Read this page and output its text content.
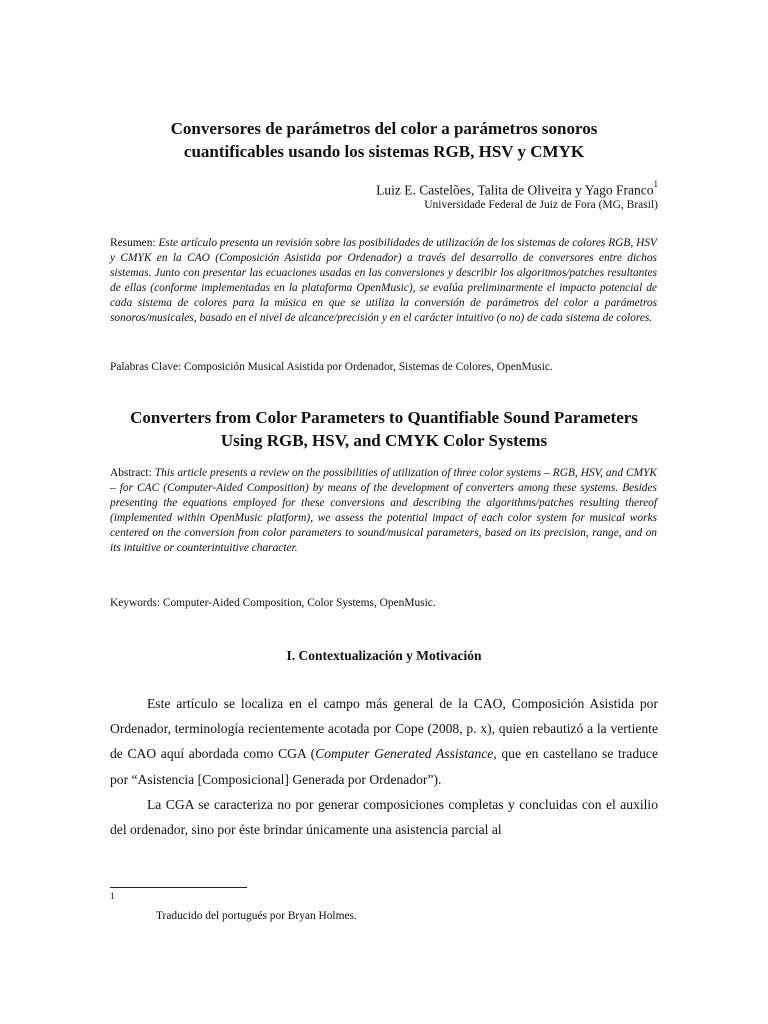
Conversores de parámetros del color a parámetros sonoros
cuantificables usando los sistemas RGB, HSV y CMYK
Luiz E. Castelões, Talita de Oliveira y Yago Franco$^1$
Universidade Federal de Juiz de Fora (MG, Brasil)
Resumen: Este artículo presenta un revisión sobre las posibilidades de utilización de los sistemas de colores RGB, HSV y CMYK en la CAO (Composición Asistida por Ordenador) a través del desarrollo de conversores entre dichos sistemas. Junto con presentar las ecuaciones usadas en las conversiones y describir los algoritmos/patches resultantes de ellas (conforme implementadas en la plataforma OpenMusic), se evalúa preliminarmente el impacto potencial de cada sistema de colores para la música en que se utiliza la conversión de parámetros del color a parámetros sonoros/musicales, basado en el nivel de alcance/precisión y en el carácter intuitivo (o no) de cada sistema de colores.
Palabras Clave: Composición Musical Asistida por Ordenador, Sistemas de Colores, OpenMusic.
Converters from Color Parameters to Quantifiable Sound Parameters
Using RGB, HSV, and CMYK Color Systems
Abstract: This article presents a review on the possibilities of utilization of three color systems – RGB, HSV, and CMYK – for CAC (Computer-Aided Composition) by means of the development of converters among these systems. Besides presenting the equations employed for these conversions and describing the algorithms/patches resulting thereof (implemented within OpenMusic platform), we assess the potential impact of each color system for musical works centered on the conversion from color parameters to sound/musical parameters, based on its precision, range, and on its intuitive or counterintuitive character.
Keywords: Computer-Aided Composition, Color Systems, OpenMusic.
I. Contextualización y Motivación

Este artículo se localiza en el campo más general de la CAO, Composición Asistida por Ordenador, terminología recientemente acotada por Cope (2008, p. x), quien rebautizó a la vertiente de CAO aquí abordada como CGA (Computer Generated Assistance, que en castellano se traduce por “Asistencia [Composicional] Generada por Ordenador”).

La CGA se caracteriza no por generar composiciones completas y concluidas con el auxilio del ordenador, sino por éste brindar únicamente una asistencia parcial al

1
Traducido del portugués por Bryan Holmes.
